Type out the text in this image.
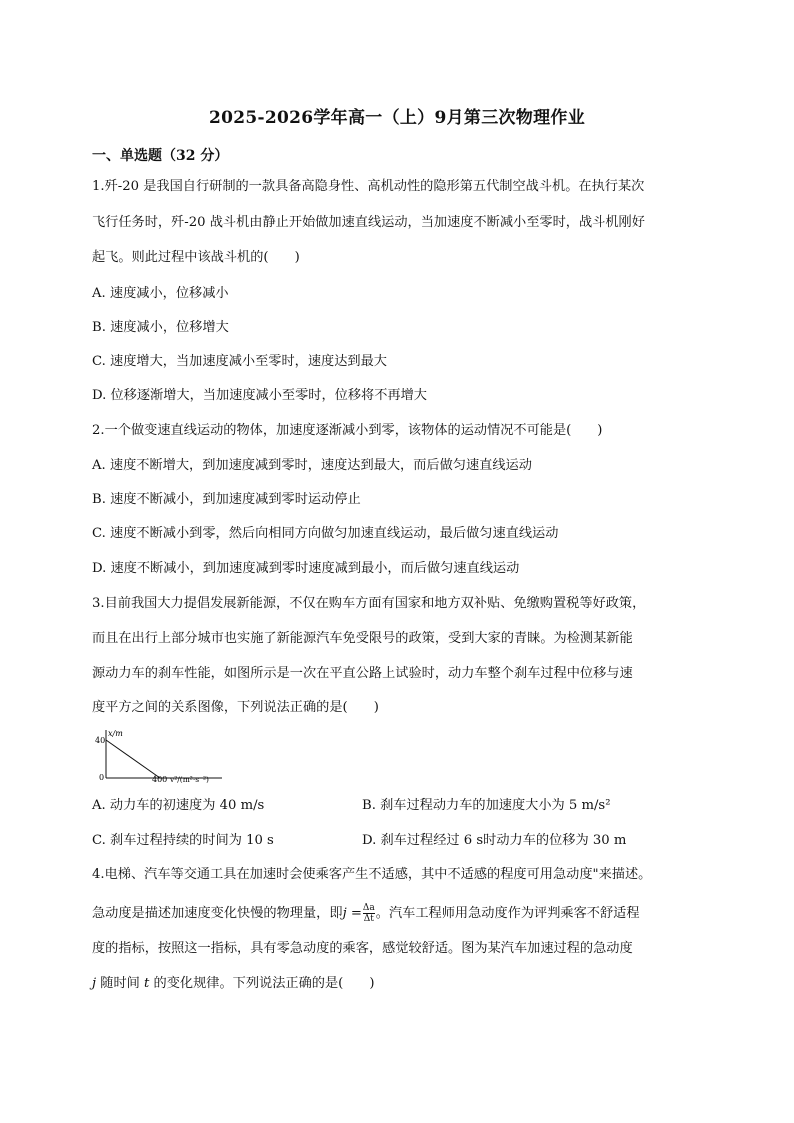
2025-2026学年高一（上）9月第三次物理作业
一、单选题（32 分）
1.歼-20 是我国自行研制的一款具备高隐身性、高机动性的隐形第五代制空战斗机。在执行某次
飞行任务时，歼-20 战斗机由静止开始做加速直线运动，当加速度不断减小至零时，战斗机刚好
起飞。则此过程中该战斗机的( )
A. 速度减小，位移减小
B. 速度减小，位移增大
C. 速度增大，当加速度减小至零时，速度达到最大
D. 位移逐渐增大，当加速度减小至零时，位移将不再增大
2.一个做变速直线运动的物体，加速度逐渐减小到零，该物体的运动情况不可能是( )
A. 速度不断增大，到加速度减到零时，速度达到最大，而后做匀速直线运动
B. 速度不断减小，到加速度减到零时运动停止
C. 速度不断减小到零，然后向相同方向做匀加速直线运动，最后做匀速直线运动
D. 速度不断减小，到加速度减到零时速度减到最小，而后做匀速直线运动
3.目前我国大力提倡发展新能源，不仅在购车方面有国家和地方双补贴、免缴购置税等好政策，
而且在出行上部分城市也实施了新能源汽车免受限号的政策，受到大家的青睐。为检测某新能
源动力车的刹车性能，如图所示是一次在平直公路上试验时，动力车整个刹车过程中位移与速
度平方之间的关系图像，下列说法正确的是( )
x/m
40
0	400 v²/(m²·s⁻²)
A. 动力车的初速度为 40 m/s	B. 刹车过程动力车的加速度大小为 5 m/s²
C. 刹车过程持续的时间为 10 s	D. 刹车过程经过 6 s时动力车的位移为 30 m
4.电梯、汽车等交通工具在加速时会使乘客产生不适感，其中不适感的程度可用急动度"来描述。
急动度是描述加速度变化快慢的物理量，即$j = \frac{\Delta a}{\Delta t}$ 。汽车工程师用急动度作为评判乘客不舒适程
度的指标，按照这一指标，具有零急动度的乘客，感觉较舒适。图为某汽车加速过程的急动度
j 随时间 t 的变化规律。下列说法正确的是( )
